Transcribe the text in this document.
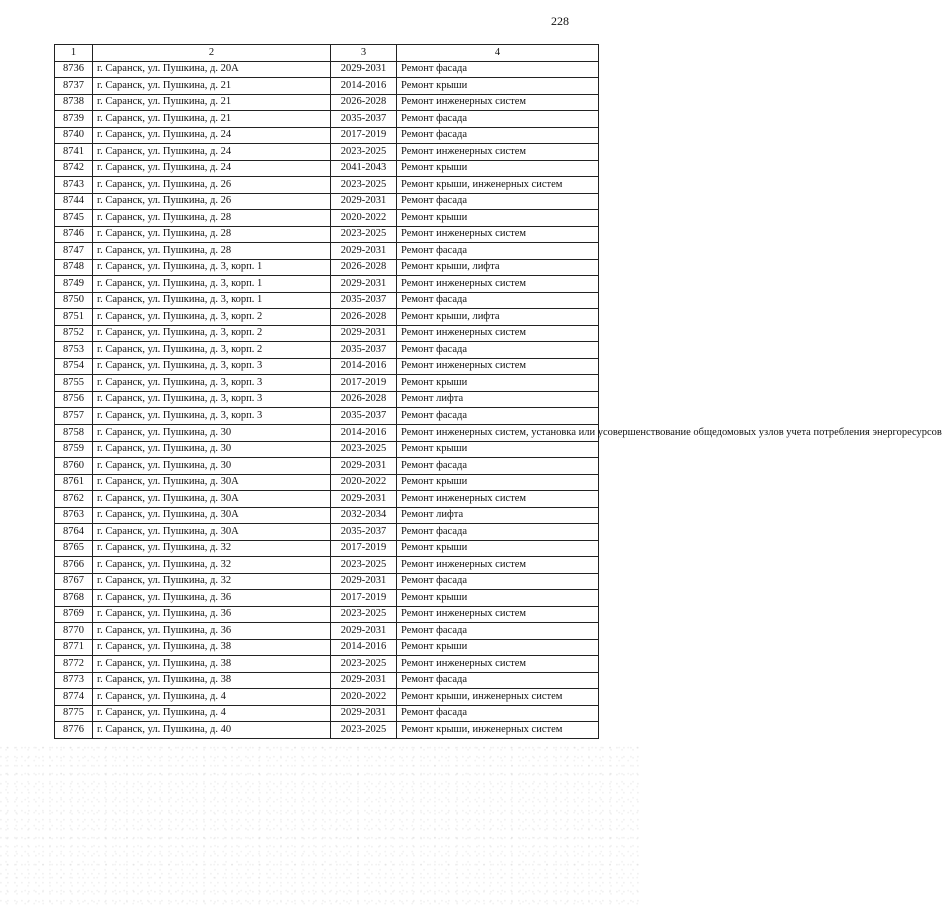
228
1	2	3	4
8736	г. Саранск, ул. Пушкина, д. 20А	2029-2031	Ремонт фасада
8737	г. Саранск, ул. Пушкина, д. 21	2014-2016	Ремонт крыши
8738	г. Саранск, ул. Пушкина, д. 21	2026-2028	Ремонт инженерных систем
8739	г. Саранск, ул. Пушкина, д. 21	2035-2037	Ремонт фасада
8740	г. Саранск, ул. Пушкина, д. 24	2017-2019	Ремонт фасада
8741	г. Саранск, ул. Пушкина, д. 24	2023-2025	Ремонт инженерных систем
8742	г. Саранск, ул. Пушкина, д. 24	2041-2043	Ремонт крыши
8743	г. Саранск, ул. Пушкина, д. 26	2023-2025	Ремонт крыши, инженерных систем
8744	г. Саранск, ул. Пушкина, д. 26	2029-2031	Ремонт фасада
8745	г. Саранск, ул. Пушкина, д. 28	2020-2022	Ремонт крыши
8746	г. Саранск, ул. Пушкина, д. 28	2023-2025	Ремонт инженерных систем
8747	г. Саранск, ул. Пушкина, д. 28	2029-2031	Ремонт фасада
8748	г. Саранск, ул. Пушкина, д. 3, корп. 1	2026-2028	Ремонт крыши, лифта
8749	г. Саранск, ул. Пушкина, д. 3, корп. 1	2029-2031	Ремонт инженерных систем
8750	г. Саранск, ул. Пушкина, д. 3, корп. 1	2035-2037	Ремонт фасада
8751	г. Саранск, ул. Пушкина, д. 3, корп. 2	2026-2028	Ремонт крыши, лифта
8752	г. Саранск, ул. Пушкина, д. 3, корп. 2	2029-2031	Ремонт инженерных систем
8753	г. Саранск, ул. Пушкина, д. 3, корп. 2	2035-2037	Ремонт фасада
8754	г. Саранск, ул. Пушкина, д. 3, корп. 3	2014-2016	Ремонт инженерных систем
8755	г. Саранск, ул. Пушкина, д. 3, корп. 3	2017-2019	Ремонт крыши
8756	г. Саранск, ул. Пушкина, д. 3, корп. 3	2026-2028	Ремонт лифта
8757	г. Саранск, ул. Пушкина, д. 3, корп. 3	2035-2037	Ремонт фасада
8758	г. Саранск, ул. Пушкина, д. 30	2014-2016	Ремонт инженерных систем, установка или усовершенствование общедомовых узлов учета потребления энергоресурсов
8759	г. Саранск, ул. Пушкина, д. 30	2023-2025	Ремонт крыши
8760	г. Саранск, ул. Пушкина, д. 30	2029-2031	Ремонт фасада
8761	г. Саранск, ул. Пушкина, д. 30А	2020-2022	Ремонт крыши
8762	г. Саранск, ул. Пушкина, д. 30А	2029-2031	Ремонт инженерных систем
8763	г. Саранск, ул. Пушкина, д. 30А	2032-2034	Ремонт лифта
8764	г. Саранск, ул. Пушкина, д. 30А	2035-2037	Ремонт фасада
8765	г. Саранск, ул. Пушкина, д. 32	2017-2019	Ремонт крыши
8766	г. Саранск, ул. Пушкина, д. 32	2023-2025	Ремонт инженерных систем
8767	г. Саранск, ул. Пушкина, д. 32	2029-2031	Ремонт фасада
8768	г. Саранск, ул. Пушкина, д. 36	2017-2019	Ремонт крыши
8769	г. Саранск, ул. Пушкина, д. 36	2023-2025	Ремонт инженерных систем
8770	г. Саранск, ул. Пушкина, д. 36	2029-2031	Ремонт фасада
8771	г. Саранск, ул. Пушкина, д. 38	2014-2016	Ремонт крыши
8772	г. Саранск, ул. Пушкина, д. 38	2023-2025	Ремонт инженерных систем
8773	г. Саранск, ул. Пушкина, д. 38	2029-2031	Ремонт фасада
8774	г. Саранск, ул. Пушкина, д. 4	2020-2022	Ремонт крыши, инженерных систем
8775	г. Саранск, ул. Пушкина, д. 4	2029-2031	Ремонт фасада
8776	г. Саранск, ул. Пушкина, д. 40	2023-2025	Ремонт крыши, инженерных систем
